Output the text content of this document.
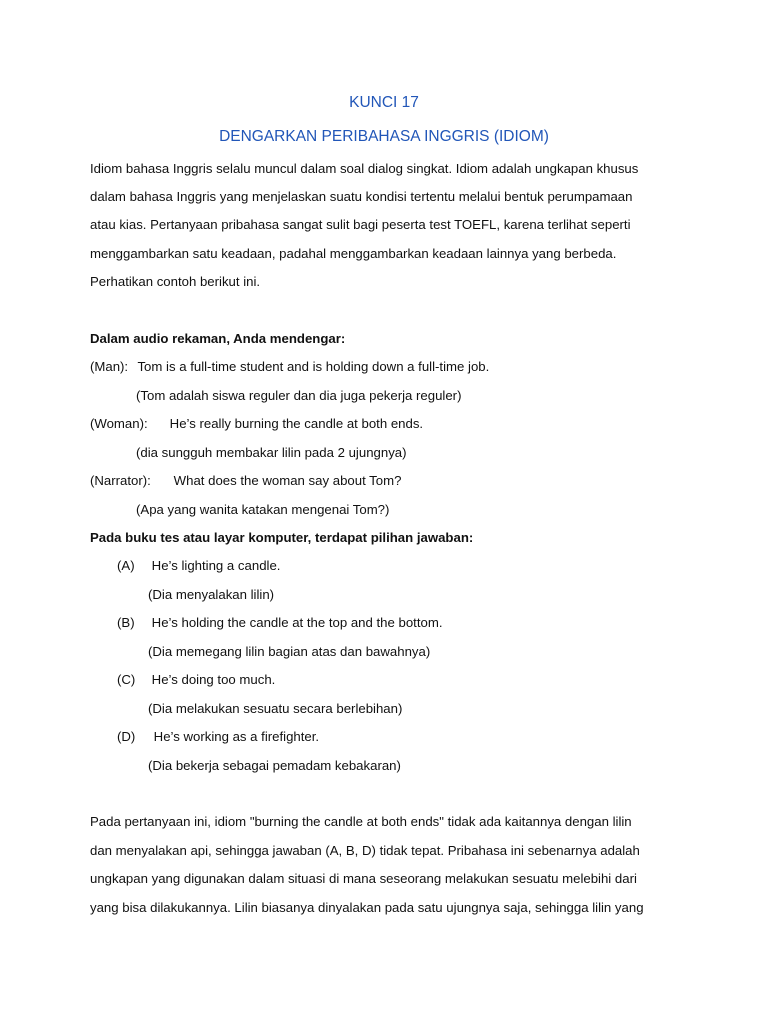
KUNCI 17
DENGARKAN PERIBAHASA INGGRIS (IDIOM)
Idiom bahasa Inggris selalu muncul dalam soal dialog singkat. Idiom adalah ungkapan khusus
dalam bahasa Inggris yang menjelaskan suatu kondisi tertentu melalui bentuk perumpamaan
atau kias. Pertanyaan pribahasa sangat sulit bagi peserta test TOEFL, karena terlihat seperti
menggambarkan satu keadaan, padahal menggambarkan keadaan lainnya yang berbeda.
Perhatikan contoh berikut ini.
Dalam audio rekaman, Anda mendengar:
(Man): Tom is a full-time student and is holding down a full-time job.
(Tom adalah siswa reguler dan dia juga pekerja reguler)
(Woman): He’s really burning the candle at both ends.
(dia sungguh membakar lilin pada 2 ujungnya)
(Narrator): What does the woman say about Tom?
(Apa yang wanita katakan mengenai Tom?)
Pada buku tes atau layar komputer, terdapat pilihan jawaban:
(A) He’s lighting a candle.
(Dia menyalakan lilin)
(B) He’s holding the candle at the top and the bottom.
(Dia memegang lilin bagian atas dan bawahnya)
(C) He’s doing too much.
(Dia melakukan sesuatu secara berlebihan)
(D) He’s working as a firefighter.
(Dia bekerja sebagai pemadam kebakaran)
Pada pertanyaan ini, idiom "burning the candle at both ends" tidak ada kaitannya dengan lilin
dan menyalakan api, sehingga jawaban (A, B, D) tidak tepat. Pribahasa ini sebenarnya adalah
ungkapan yang digunakan dalam situasi di mana seseorang melakukan sesuatu melebihi dari
yang bisa dilakukannya. Lilin biasanya dinyalakan pada satu ujungnya saja, sehingga lilin yang
